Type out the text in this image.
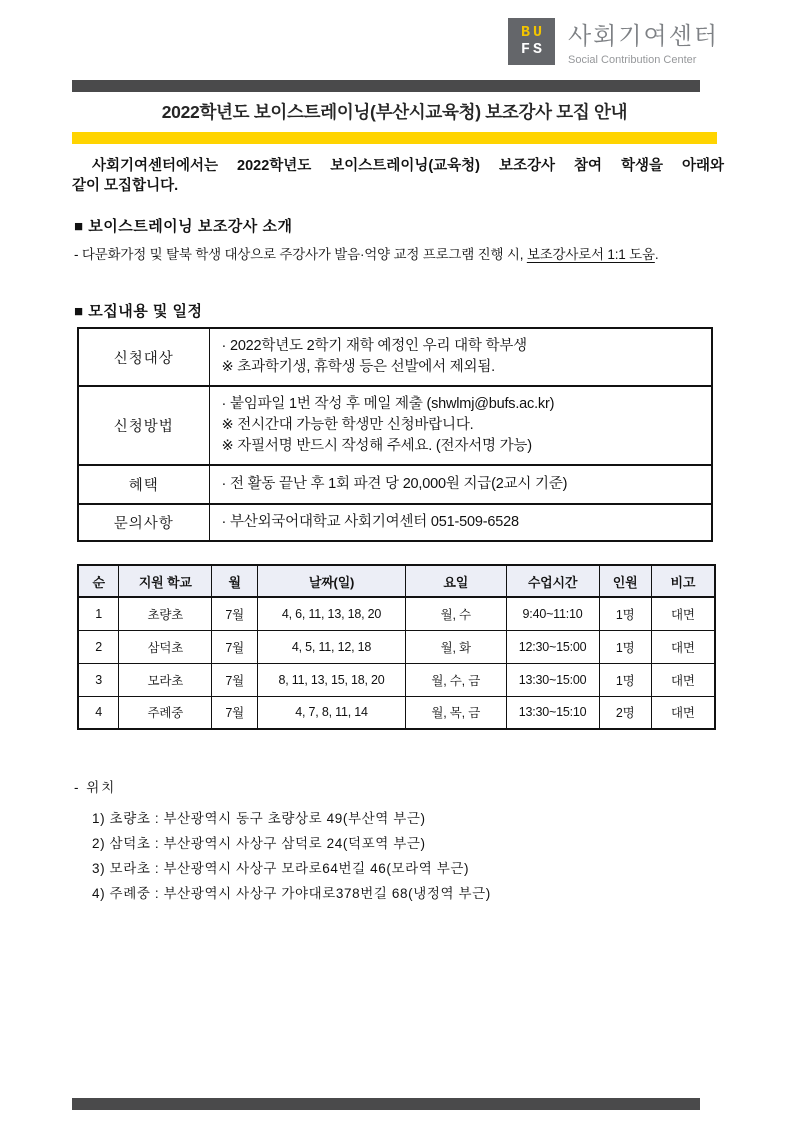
BU
FS 사회기여센터
Social Contribution Center
2022학년도 보이스트레이닝(부산시교육청) 보조강사 모집 안내
사회기여센터에서는 2022학년도 보이스트레이닝(교육청) 보조강사 참여 학생을 아래와
같이 모집합니다.
■ 보이스트레이닝 보조강사 소개
- 다문화가정 및 탈북 학생 대상으로 주강사가 발음·억양 교정 프로그램 진행 시, 보조강사로서 1:1 도움.
■ 모집내용 및 일정
신청대상	· 2022학년도 2학기 재학 예정인 우리 대학 학부생
※ 초과학기생, 휴학생 등은 선발에서 제외됨.

신청방법	· 붙임파일 1번 작성 후 메일 제출 (shwlmj@bufs.ac.kr)
※ 전시간대 가능한 학생만 신청바랍니다.
※ 자필서명 반드시 작성해 주세요. (전자서명 가능)

혜택	· 전 활동 끝난 후 1회 파견 당 20,000원 지급(2교시 기준)

문의사항	· 부산외국어대학교 사회기여센터 051-509-6528
순	지원 학교	월	날짜(일)	요일	수업시간	인원	비고
1	초량초	7월	4, 6, 11, 13, 18, 20	월, 수	9:40~11:10	1명	대면
2	삼덕초	7월	4, 5, 11, 12, 18	월, 화	12:30~15:00	1명	대면
3	모라초	7월	8, 11, 13, 15, 18, 20	월, 수, 금	13:30~15:00	1명	대면
4	주례중	7월	4, 7, 8, 11, 14	월, 목, 금	13:30~15:10	2명	대면
- 위치
1) 초량초 : 부산광역시 동구 초량상로 49(부산역 부근)
2) 삼덕초 : 부산광역시 사상구 삼덕로 24(덕포역 부근)
3) 모라초 : 부산광역시 사상구 모라로64번길 46(모라역 부근)
4) 주례중 : 부산광역시 사상구 가야대로378번길 68(냉정역 부근)
